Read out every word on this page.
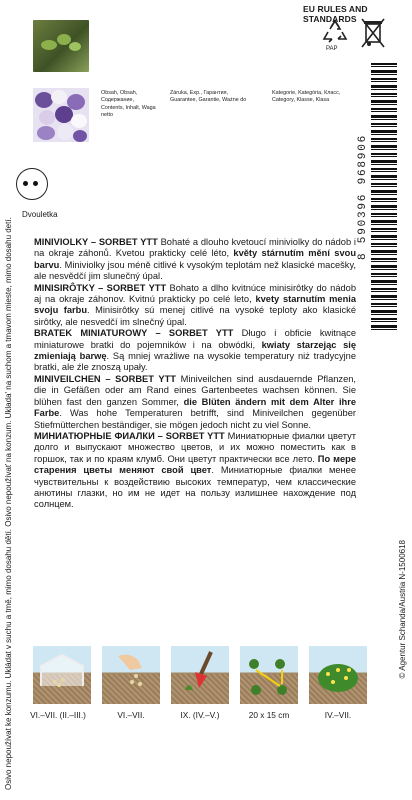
Osivo nepoužívat ke konzumu. Ukládat v suchu a tmě, mimo dosahu dětí. Osivo nepoužívať na konzum. Uklada' na suchom a tmavom mieste, mimo dosahu detí.	© Agentur Schanda/Austria N-1500618
EU RULES AND STANDARDS
PAP
Obsah, Obsah, Содержание,
Contents, Inhalt, Waga netto
Záruka, Exp., Гарантия,
Guarantee, Garantie, Ważne do
Kategorie, Kategória, Класс,
Category, Klasse, Klasa
8 590396 968906
Dvouletka

MINIVIOLKY – SORBET YTT Bohaté a dlouho kvetoucí miniviolky do nádob i na okraje záhonů. Kvetou prakticky celé léto, květy stárnutím mění svou barvu. Miniviolky jsou méně citlivé k vysokým teplotám než klasické macešky, ale nesvědčí jim slunečný úpal.

MINISIRÔTKY – SORBET YTT Bohato a dlho kvitnúce minisirôtky do nádob aj na okraje záhonov. Kvitnú prakticky po celé leto, kvety starnutím menia svoju farbu. Minisirôtky sú menej citlivé na vysoké teploty ako klasické sirôtky, ale nesvedčí im slnečný úpal.

BRATEK MINIATUROWY – SORBET YTT Długo i obficie kwitnące miniaturowe bratki do pojemników i na obwódki, kwiaty starzejąc się zmieniają barwę. Są mniej wrażliwe na wysokie temperatury niż tradycyjne bratki, ale źle znoszą upały.

MINIVEILCHEN – SORBET YTT Miniveilchen sind ausdauernde Pflanzen, die in Gefäßen oder am Rand eines Gartenbeetes wachsen können. Sie blühen fast den ganzen Sommer, die Blüten ändern mit dem Alter ihre Farbe. Was hohe Temperaturen betrifft, sind Miniveilchen gegenüber Stiefmütterchen beständiger, sie mögen jedoch nicht zu viel Sonne.

МИНИАТЮРНЫЕ ФИАЛКИ – SORBET YTT Миниатюрные фиалки цветут долго и выпускают множество цветов, и их можно поместить как в горшок, так и по краям клумб. Они цветут практически все лето. По мере старения цветы меняют свой цвет. Миниатюрные фиалки менее чувствительны к воздействию высоких температур, чем классические анютины глазки, но им не идет на пользу излишнее нахождение под солнцем.

VI.–VII. (II.–III.)	VI.–VII.	IX. (IV.–V.)	20 x 15 cm	IV.–VII.
